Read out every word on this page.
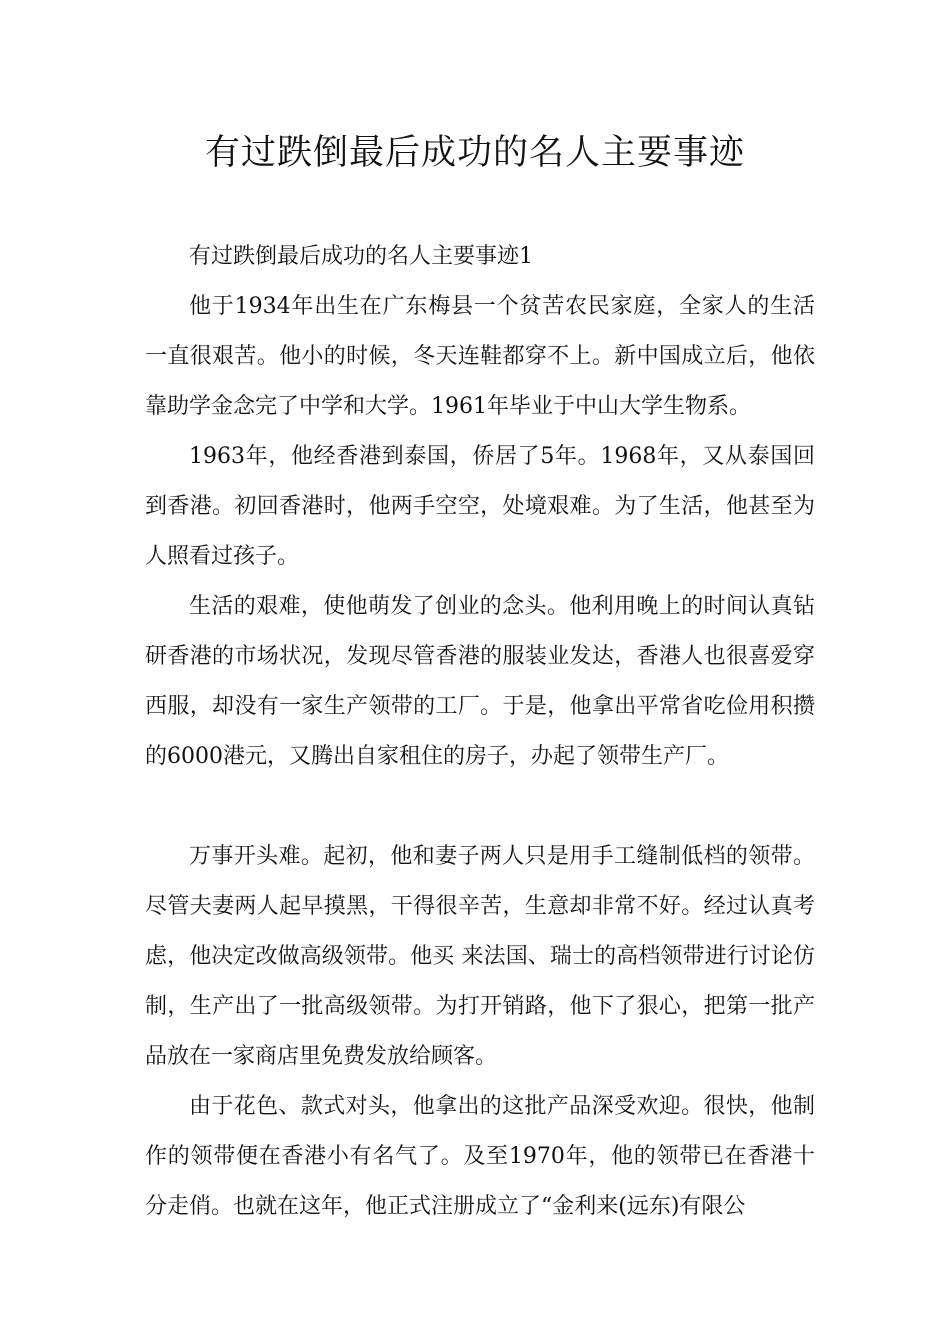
有过跌倒最后成功的名人主要事迹

有过跌倒最后成功的名人主要事迹1

他于1934年出生在广东梅县一个贫苦农民家庭，全家人的生活一直很艰苦。他小的时候，冬天连鞋都穿不上。新中国成立后，他依靠助学金念完了中学和大学。1961年毕业于中山大学生物系。

1963年，他经香港到泰国，侨居了5年。1968年，又从泰国回到香港。初回香港时，他两手空空，处境艰难。为了生活，他甚至为人照看过孩子。

生活的艰难，使他萌发了创业的念头。他利用晚上的时间认真钻研香港的市场状况，发现尽管香港的服装业发达，香港人也很喜爱穿西服，却没有一家生产领带的工厂。于是，他拿出平常省吃俭用积攒的6000港元，又腾出自家租住的房子，办起了领带生产厂。

万事开头难。起初，他和妻子两人只是用手工缝制低档的领带。尽管夫妻两人起早摸黑，干得很辛苦，生意却非常不好。经过认真考虑，他决定改做高级领带。他买 来法国、瑞士的高档领带进行讨论仿制，生产出了一批高级领带。为打开销路，他下了狠心，把第一批产品放在一家商店里免费发放给顾客。

由于花色、款式对头，他拿出的这批产品深受欢迎。很快，他制作的领带便在香港小有名气了。及至1970年，他的领带已在香港十分走俏。也就在这年，他正式注册成立了“金利来(远东)有限公
